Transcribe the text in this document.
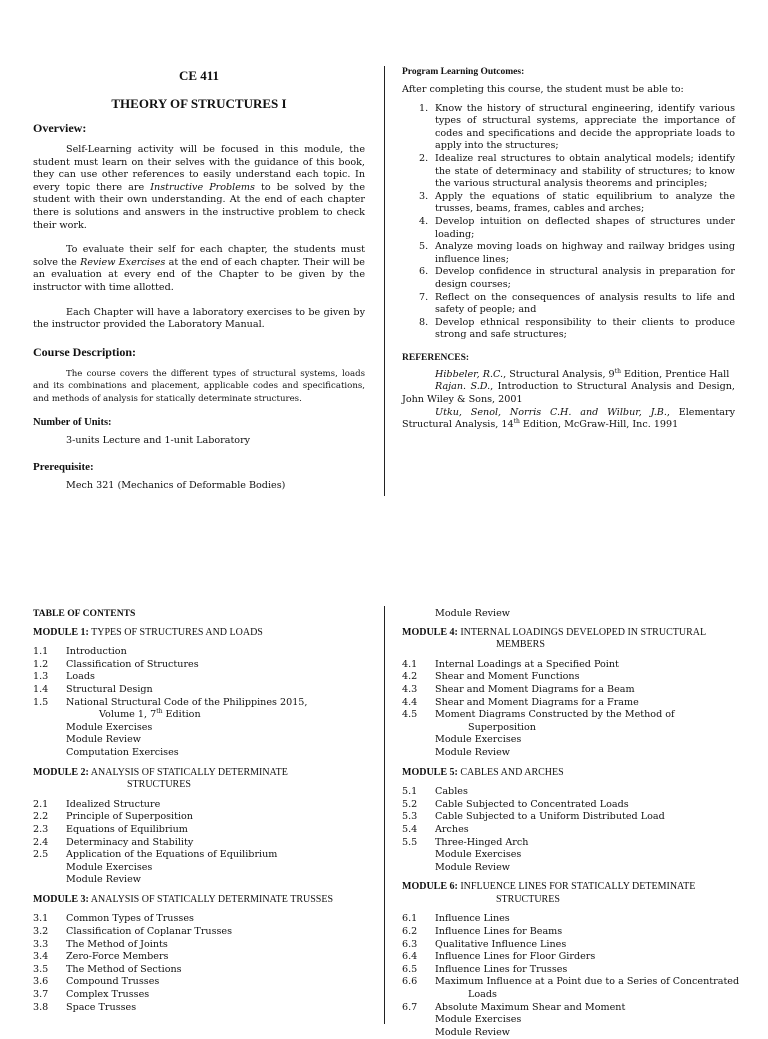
CE 411
THEORY OF STRUCTURES I
Overview:

Self-Learning activity will be focused in this module, the student must learn on their selves with the guidance of this book, they can use other references to easily understand each topic. In every topic there are Instructive Problems to be solved by the student with their own understanding. At the end of each chapter there is solutions and answers in the instructive problem to check their work.

To evaluate their self for each chapter, the students must solve the Review Exercises at the end of each chapter. Their will be an evaluation at every end of the Chapter to be given by the instructor with time allotted.

Each Chapter will have a laboratory exercises to be given by the instructor provided the Laboratory Manual.

Course Description:

The course covers the different types of structural systems, loads and its combinations and placement, applicable codes and specifications, and methods of analysis for statically determinate structures.

Number of Units:

3-units Lecture and 1-unit Laboratory

Prerequisite:

Mech 321 (Mechanics of Deformable Bodies)

Program Learning Outcomes:

After completing this course, the student must be able to:

1. Know the history of structural engineering, identify various types of structural systems, appreciate the importance of codes and specifications and decide the appropriate loads to apply into the structures;
2. Idealize real structures to obtain analytical models; identify the state of determinacy and stability of structures; to know the various structural analysis theorems and principles;
3. Apply the equations of static equilibrium to analyze the trusses, beams, frames, cables and arches;
4. Develop intuition on deflected shapes of structures under loading;
5. Analyze moving loads on highway and railway bridges using influence lines;
6. Develop confidence in structural analysis in preparation for design courses;
7. Reflect on the consequences of analysis results to life and safety of people; and
8. Develop ethnical responsibility to their clients to produce strong and safe structures;
REFERENCES:

Hibbeler, R.C., Structural Analysis, 9th Edition, Prentice Hall

Rajan. S.D., Introduction to Structural Analysis and Design, John Wiley & Sons, 2001

Utku, Senol, Norris C.H. and Wilbur, J.B., Elementary Structural Analysis, 14th Edition, McGraw-Hill, Inc. 1991

TABLE OF CONTENTS
MODULE 1: TYPES OF STRUCTURES AND LOADS
1.1 Introduction
1.2 Classification of Structures
1.3 Loads
1.4 Structural Design
1.5 National Structural Code of the Philippines 2015,
Volume 1, 7th Edition
Module Exercises
Module Review
Computation Exercises
MODULE 2: ANALYSIS OF STATICALLY DETERMINATE
STRUCTURES
2.1 Idealized Structure
2.2 Principle of Superposition
2.3 Equations of Equilibrium
2.4 Determinacy and Stability
2.5 Application of the Equations of Equilibrium
Module Exercises
Module Review
MODULE 3: ANALYSIS OF STATICALLY DETERMINATE TRUSSES
3.1 Common Types of Trusses
3.2 Classification of Coplanar Trusses
3.3 The Method of Joints
3.4 Zero-Force Members
3.5 The Method of Sections
3.6 Compound Trusses
3.7 Complex Trusses
3.8 Space Trusses
Module Review
MODULE 4: INTERNAL LOADINGS DEVELOPED IN STRUCTURAL
MEMBERS
4.1 Internal Loadings at a Specified Point
4.2 Shear and Moment Functions
4.3 Shear and Moment Diagrams for a Beam
4.4 Shear and Moment Diagrams for a Frame
4.5 Moment Diagrams Constructed by the Method of
Superposition
Module Exercises
Module Review
MODULE 5: CABLES AND ARCHES
5.1 Cables
5.2 Cable Subjected to Concentrated Loads
5.3 Cable Subjected to a Uniform Distributed Load
5.4 Arches
5.5 Three-Hinged Arch
Module Exercises
Module Review
MODULE 6: INFLUENCE LINES FOR STATICALLY DETEMINATE
STRUCTURES
6.1 Influence Lines
6.2 Influence Lines for Beams
6.3 Qualitative Influence Lines
6.4 Influence Lines for Floor Girders
6.5 Influence Lines for Trusses
6.6 Maximum Influence at a Point due to a Series of Concentrated
Loads
6.7 Absolute Maximum Shear and Moment
Module Exercises
Module Review
